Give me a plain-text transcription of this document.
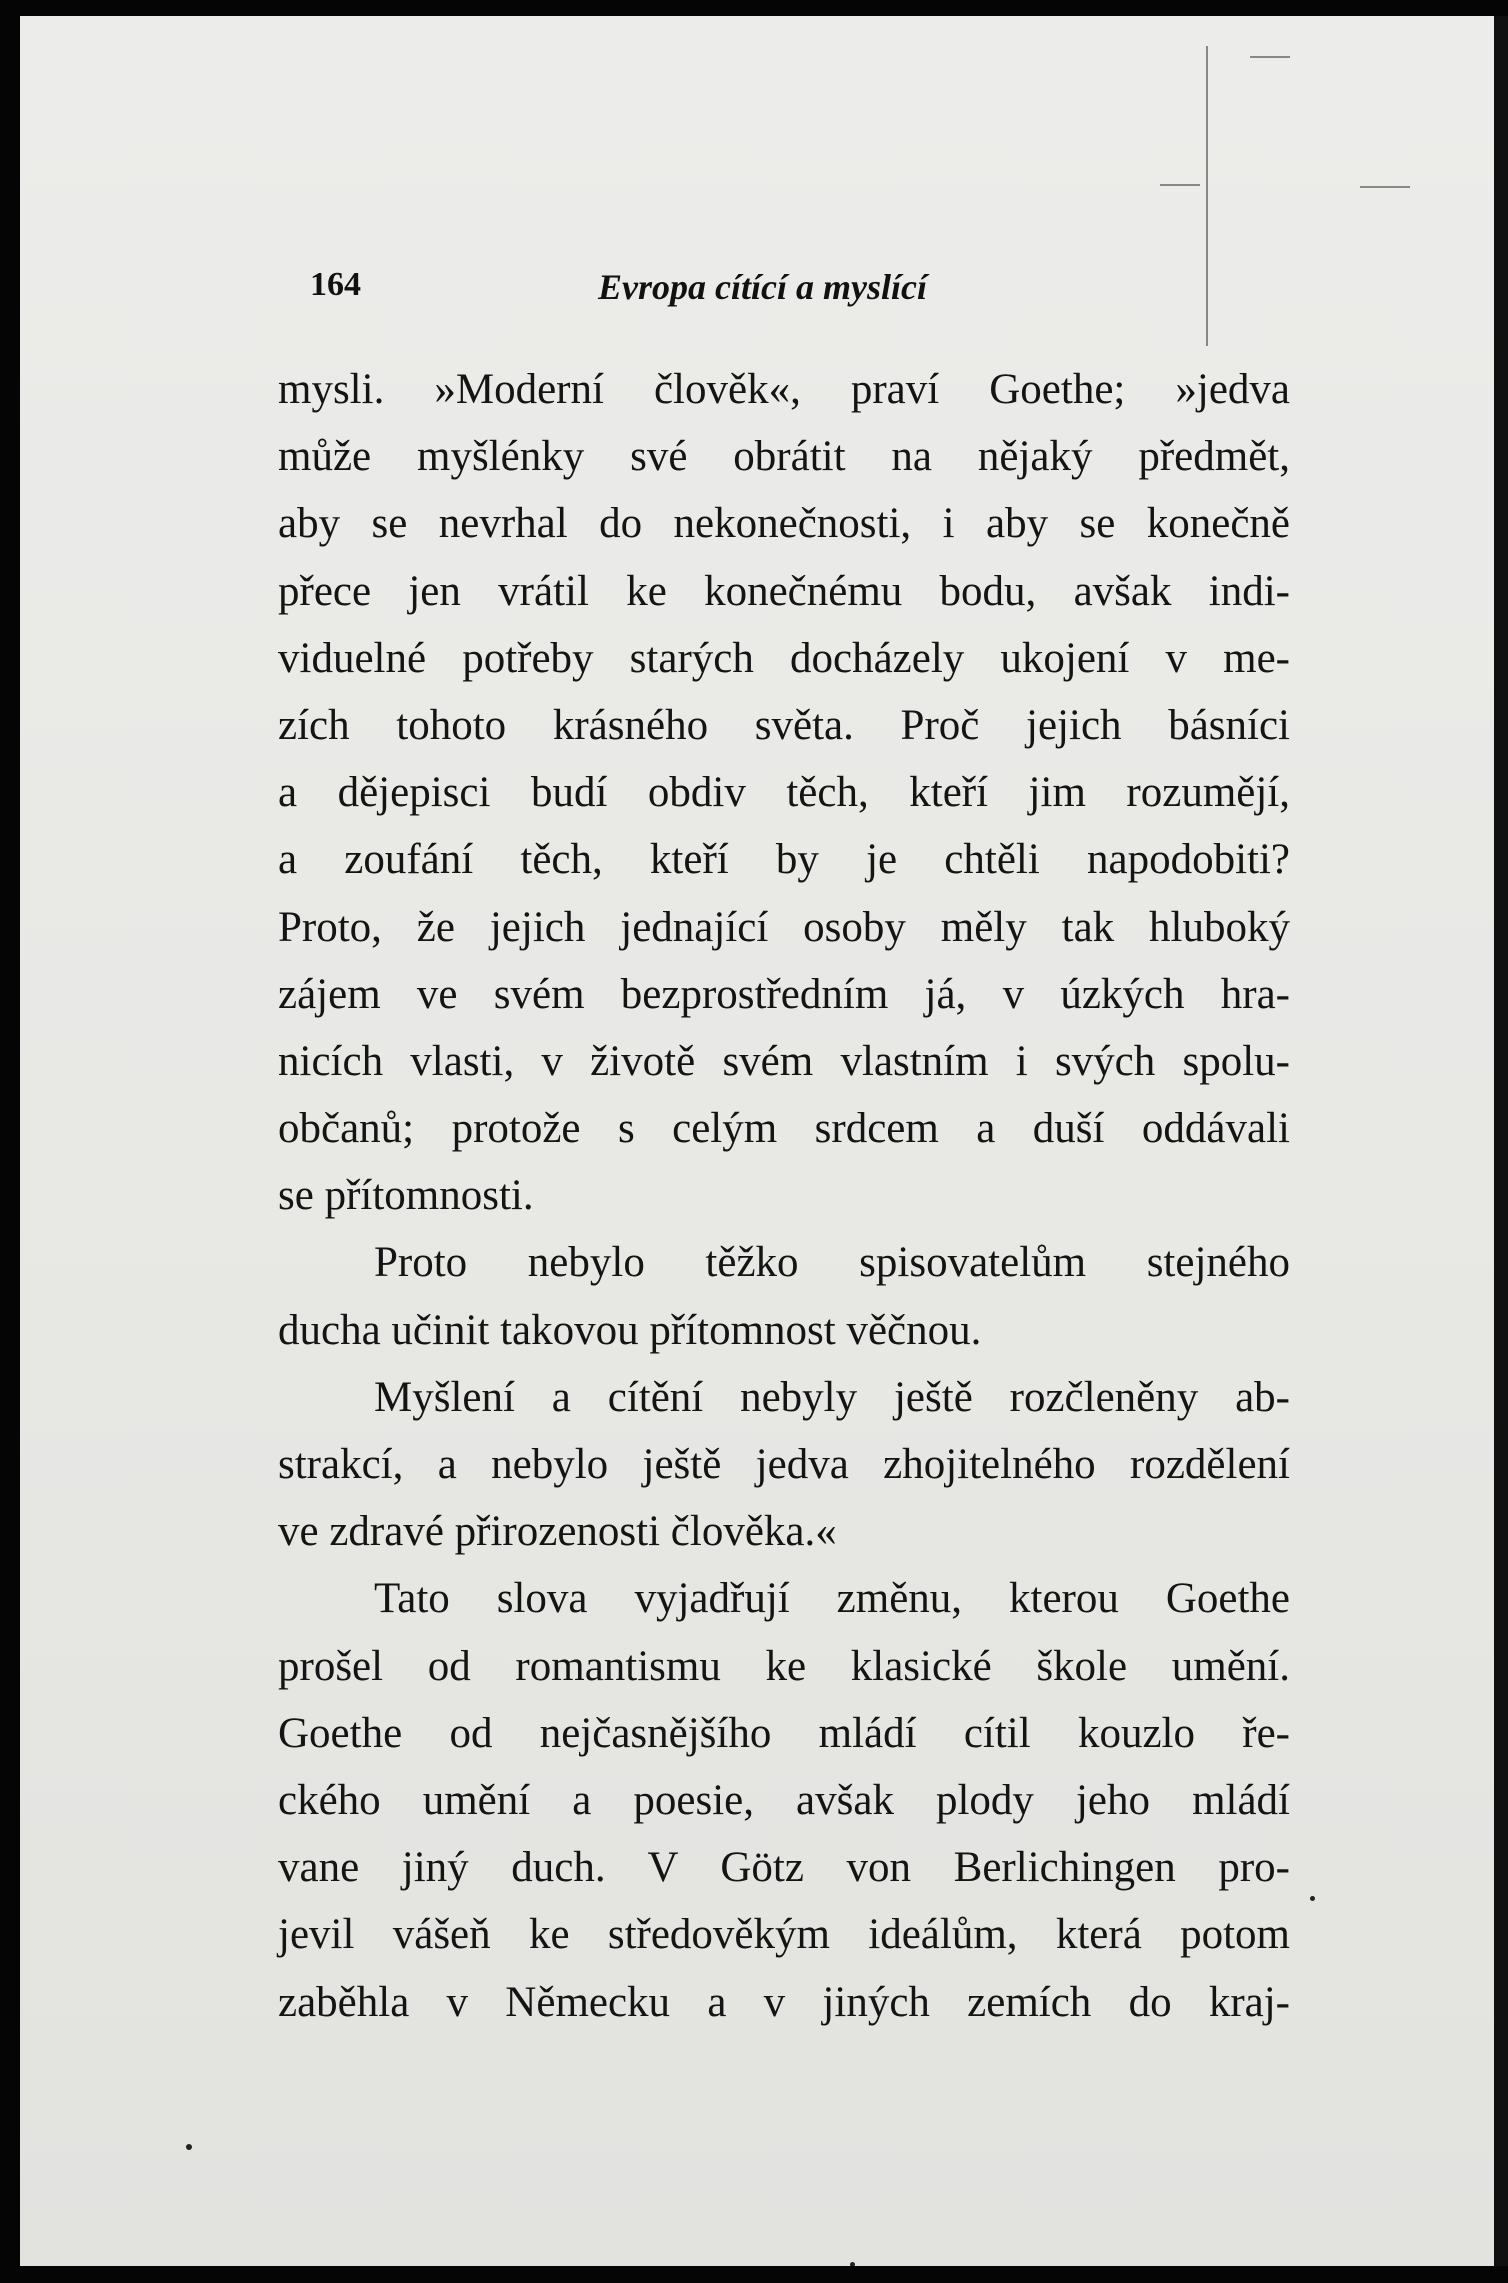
164	Evropa cítící a myslící
mysli. »Moderní člověk«, praví Goethe; »jedva
může myšlénky své obrátit na nějaký předmět,
aby se nevrhal do nekonečnosti, i aby se konečně
přece jen vrátil ke konečnému bodu, avšak indi-
viduelné potřeby starých docházely ukojení v me-
zích tohoto krásného světa. Proč jejich básníci
a dějepisci budí obdiv těch, kteří jim rozumějí,
a zoufání těch, kteří by je chtěli napodobiti?
Proto, že jejich jednající osoby měly tak hluboký
zájem ve svém bezprostředním já, v úzkých hra-
nicích vlasti, v životě svém vlastním i svých spolu-
občanů; protože s celým srdcem a duší oddávali
se přítomnosti.
Proto nebylo těžko spisovatelům stejného
ducha učinit takovou přítomnost věčnou.
Myšlení a cítění nebyly ještě rozčleněny ab-
strakcí, a nebylo ještě jedva zhojitelného rozdělení
ve zdravé přirozenosti člověka.«
Tato slova vyjadřují změnu, kterou Goethe
prošel od romantismu ke klasické škole umění.
Goethe od nejčasnějšího mládí cítil kouzlo ře-
ckého umění a poesie, avšak plody jeho mládí
vane jiný duch. V Götz von Berlichingen pro-
jevil vášeň ke středověkým ideálům, která potom
zaběhla v Německu a v jiných zemích do kraj-
